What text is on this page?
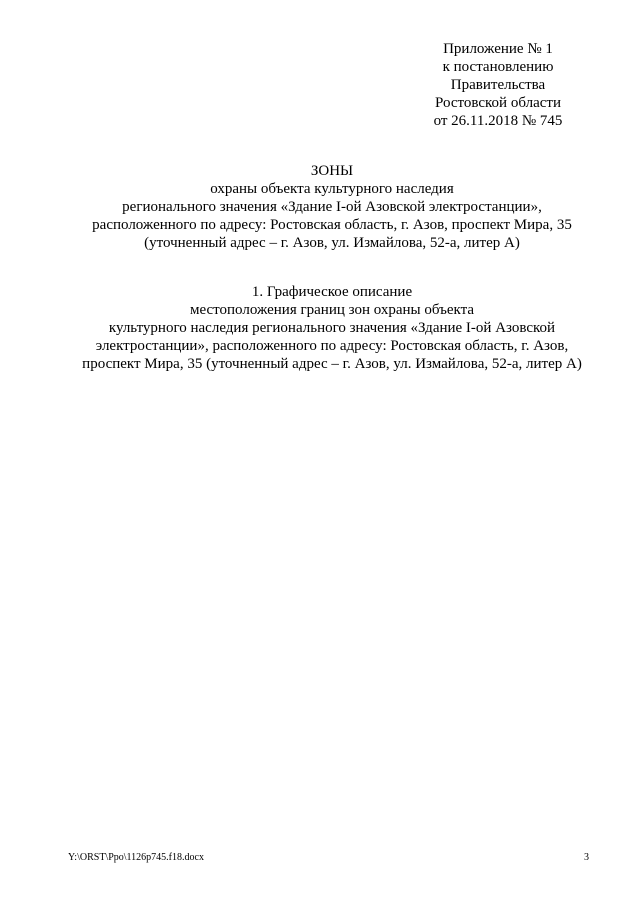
Приложение № 1
к постановлению
Правительства
Ростовской области
от 26.11.2018 № 745
ЗОНЫ
охраны объекта культурного наследия
регионального значения «Здание I-ой Азовской электростанции»,
расположенного по адресу: Ростовская область, г. Азов, проспект Мира, 35
(уточненный адрес – г. Азов, ул. Измайлова, 52-а, литер А)
1. Графическое описание
местоположения границ зон охраны объекта
культурного наследия регионального значения «Здание I-ой Азовской
электростанции», расположенного по адресу: Ростовская область, г. Азов,
проспект Мира, 35 (уточненный адрес – г. Азов, ул. Измайлова, 52-а, литер А)
Y:\ORST\Ppo\1126p745.f18.docx	3
